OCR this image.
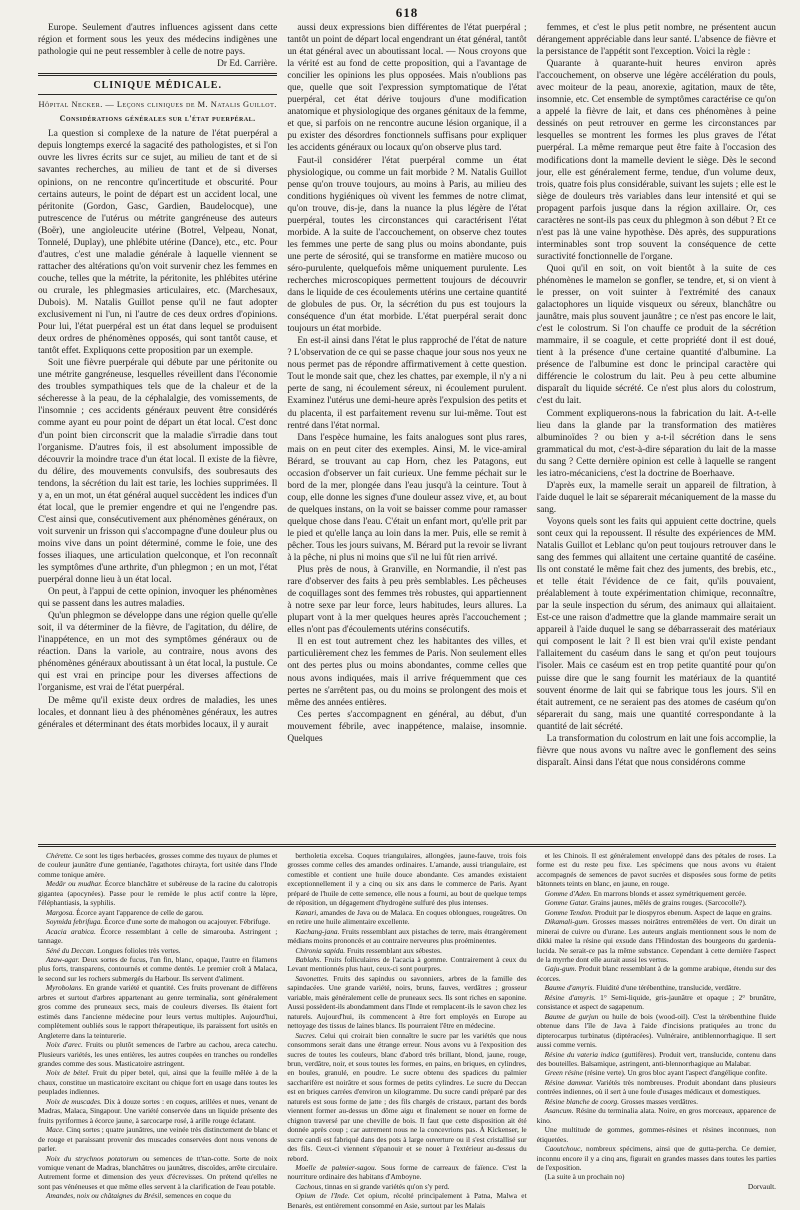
618

Europe. Seulement d'autres influences agissent dans cette région et forment sous les yeux des médecins indigènes une pathologie qui ne peut ressembler à celle de notre pays.

Dr Ed. Carrière.
CLINIQUE MÉDICALE.
Hôpital Necker. — Leçons cliniques de M. Natalis Guillot.
Considérations générales sur l'état puerpéral.

La question si complexe de la nature de l'état puerpéral a depuis longtemps exercé la sagacité des pathologistes, et si l'on ouvre les livres écrits sur ce sujet, au milieu de tant et de si savantes recherches, au milieu de tant et de si diverses opinions, on ne rencontre qu'incertitude et obscurité. Pour certains auteurs, le point de départ est un accident local, une péritonite (Gordon, Gasc, Gardien, Baudelocque), une putrescence de l'utérus ou métrite gangréneuse des auteurs (Boër), une angioleucite utérine (Botrel, Velpeau, Nonat, Tonnelé, Duplay), une phlébite utérine (Dance), etc., etc. Pour d'autres, c'est une maladie générale à laquelle viennent se rattacher des altérations qu'on voit survenir chez les femmes en couche, telles que la métrite, la péritonite, les phlébites utérine ou crurale, les phlegmasies articulaires, etc. (Marchesaux, Dubois). M. Natalis Guillot pense qu'il ne faut adopter exclusivement ni l'un, ni l'autre de ces deux ordres d'opinions. Pour lui, l'état puerpéral est un état dans lequel se produisent deux ordres de phénomènes opposés, qui sont tantôt cause, et tantôt effet. Expliquons cette proposition par un exemple.

Soit une fièvre puerpérale qui débute par une péritonite ou une métrite gangréneuse, lesquelles réveillent dans l'économie des troubles sympathiques tels que de la chaleur et de la sécheresse à la peau, de la céphalalgie, des vomissements, de l'insomnie ; ces accidents généraux peuvent être considérés comme ayant eu pour point de départ un état local. C'est donc d'un point bien circonscrit que la maladie s'irradie dans tout l'organisme. D'autres fois, il est absolument impossible de découvrir la moindre trace d'un état local. Il existe de la fièvre, du délire, des mouvements convulsifs, des soubresauts des tendons, la sécrétion du lait est tarie, les lochies supprimées. Il y a, en un mot, un état général auquel succèdent les indices d'un état local, que le premier engendre et qui ne l'engendre pas. C'est ainsi que, consécutivement aux phénomènes généraux, on voit survenir un frisson qui s'accompagne d'une douleur plus ou moins vive dans un point déterminé, comme le foie, une des fosses iliaques, une articulation quelconque, et l'on reconnaît les symptômes d'une arthrite, d'un phlegmon ; en un mot, l'état puerpéral donne lieu à un état local.

On peut, à l'appui de cette opinion, invoquer les phénomènes qui se passent dans les autres maladies.

Qu'un phlegmon se développe dans une région quelle qu'elle soit, il va déterminer de la fièvre, de l'agitation, du délire, de l'inappétence, en un mot des symptômes généraux ou de réaction. Dans la variole, au contraire, nous avons des phénomènes généraux aboutissant à un état local, la pustule. Ce qui est vrai en principe pour les diverses affections de l'organisme, est vrai de l'état puerpéral.

De même qu'il existe deux ordres de maladies, les unes locales, et donnant lieu à des phénomènes généraux, les autres générales et déterminant des états morbides locaux, il y aurait

aussi deux expressions bien différentes de l'état puerpéral ; tantôt un point de départ local engendrant un état général, tantôt un état général avec un aboutissant local. — Nous croyons que la vérité est au fond de cette proposition, qui a l'avantage de concilier les opinions les plus opposées. Mais n'oublions pas que, quelle que soit l'expression symptomatique de l'état puerpéral, cet état dérive toujours d'une modification anatomique et physiologique des organes génitaux de la femme, et que, si parfois on ne rencontre aucune lésion organique, il a pu exister des désordres fonctionnels suffisans pour expliquer les accidents généraux ou locaux qu'on observe plus tard.

Faut-il considérer l'état puerpéral comme un état physiologique, ou comme un fait morbide ? M. Natalis Guillot pense qu'on trouve toujours, au moins à Paris, au milieu des conditions hygiéniques où vivent les femmes de notre climat, qu'on trouve, dis-je, dans la nuance la plus légère de l'état puerpéral, toutes les circonstances qui caractérisent l'état morbide. A la suite de l'accouchement, on observe chez toutes les femmes une perte de sang plus ou moins abondante, puis une perte de sérosité, qui se transforme en matière mucoso ou séro-purulente, quelquefois même uniquement purulente. Les recherches microscopiques permettent toujours de découvrir dans le liquide de ces écoulements utérins une certaine quantité de globules de pus. Or, la sécrétion du pus est toujours la conséquence d'un état morbide. L'état puerpéral serait donc toujours un état morbide.

En est-il ainsi dans l'état le plus rapproché de l'état de nature ? L'observation de ce qui se passe chaque jour sous nos yeux ne nous permet pas de répondre affirmativement à cette question. Tout le monde sait que, chez les chattes, par exemple, il n'y a ni perte de sang, ni écoulement séreux, ni écoulement purulent. Examinez l'utérus une demi-heure après l'expulsion des petits et du placenta, il est parfaitement revenu sur lui-même. Tout est rentré dans l'état normal.

Dans l'espèce humaine, les faits analogues sont plus rares, mais on en peut citer des exemples. Ainsi, M. le vice-amiral Bérard, se trouvant au cap Horn, chez les Patagons, eut occasion d'observer un fait curieux. Une femme péchait sur le bord de la mer, plongée dans l'eau jusqu'à la ceinture. Tout à coup, elle donne les signes d'une douleur assez vive, et, au bout de quelques instans, on la voit se baisser comme pour ramasser quelque chose dans l'eau. C'était un enfant mort, qu'elle prit par le pied et qu'elle lança au loin dans la mer. Puis, elle se remit à pêcher. Tous les jours suivans, M. Bérard put la revoir se livrant à la pêche, ni plus ni moins que s'il ne lui fût rien arrivé.

Plus près de nous, à Granville, en Normandie, il n'est pas rare d'observer des faits à peu près semblables. Les pêcheuses de coquillages sont des femmes très robustes, qui appartiennent à notre sexe par leur force, leurs habitudes, leurs allures. La plupart vont à la mer quelques heures après l'accouchement ; elles n'ont pas d'écoulements utérins consécutifs.

Il en est tout autrement chez les habitantes des villes, et particulièrement chez les femmes de Paris. Non seulement elles ont des pertes plus ou moins abondantes, comme celles que nous avons indiquées, mais il arrive fréquemment que ces pertes ne s'arrêtent pas, ou du moins se prolongent des mois et même des années entières.

Ces pertes s'accompagnent en général, au début, d'un mouvement fébrile, avec inappétence, malaise, insomnie. Quelques

femmes, et c'est le plus petit nombre, ne présentent aucun dérangement appréciable dans leur santé. L'absence de fièvre et la persistance de l'appétit sont l'exception. Voici la règle :

Quarante à quarante-huit heures environ après l'accouchement, on observe une légère accélération du pouls, avec moiteur de la peau, anorexie, agitation, maux de tête, insomnie, etc. Cet ensemble de symptômes caractérise ce qu'on a appelé la fièvre de lait, et dans ces phénomènes à peine dessinés on peut retrouver en germe les circonstances par lesquelles se montrent les formes les plus graves de l'état puerpéral. La même remarque peut être faite à l'occasion des modifications dont la mamelle devient le siège. Dès le second jour, elle est généralement ferme, tendue, d'un volume deux, trois, quatre fois plus considérable, suivant les sujets ; elle est le siège de douleurs très variables dans leur intensité et qui se propagent parfois jusque dans la région axillaire. Or, ces caractères ne sont-ils pas ceux du phlegmon à son début ? Et ce n'est pas là une vaine hypothèse. Dès après, des suppurations interminables sont trop souvent la conséquence de cette suractivité fonctionnelle de l'organe.

Quoi qu'il en soit, on voit bientôt à la suite de ces phénomènes le mamelon se gonfler, se tendre, et, si on vient à le presser, on voit suinter à l'extrémité des canaux galactophores un liquide visqueux ou séreux, blanchâtre ou jaunâtre, mais plus souvent jaunâtre ; ce n'est pas encore le lait, c'est le colostrum. Si l'on chauffe ce produit de la sécrétion mammaire, il se coagule, et cette propriété dont il est doué, tient à la présence d'une certaine quantité d'albumine. La présence de l'albumine est donc le principal caractère qui différencie le colostrum du lait. Peu à peu cette albumine disparaît du liquide sécrété. Ce n'est plus alors du colostrum, c'est du lait.

Comment expliquerons-nous la fabrication du lait. A-t-elle lieu dans la glande par la transformation des matières albuminoïdes ? ou bien y a-t-il sécrétion dans le sens grammatical du mot, c'est-à-dire séparation du lait de la masse du sang ? Cette dernière opinion est celle à laquelle se rangent les iatro-mécaniciens, c'est la doctrine de Boerhaave.

D'après eux, la mamelle serait un appareil de filtration, à l'aide duquel le lait se séparerait mécaniquement de la masse du sang.

Voyons quels sont les faits qui appuient cette doctrine, quels sont ceux qui la repoussent. Il résulte des expériences de MM. Natalis Guillot et Leblanc qu'on peut toujours retrouver dans le sang des femmes qui allaitent une certaine quantité de caséine. Ils ont constaté le même fait chez des juments, des brebis, etc., et telle était l'évidence de ce fait, qu'ils pouvaient, préalablement à toute expérimentation chimique, reconnaître, par la seule inspection du sérum, des animaux qui allaitaient. Est-ce une raison d'admettre que la glande mammaire serait un appareil à l'aide duquel le sang se débarrasserait des matériaux qui composent le lait ? Il est bien vrai qu'il existe pendant l'allaitement du caséum dans le sang et qu'on peut toujours l'isoler. Mais ce caséum est en trop petite quantité pour qu'on puisse dire que le sang fournit les matériaux de la quantité souvent énorme de lait qui se fabrique tous les jours. S'il en était autrement, ce ne seraient pas des atomes de caséum qu'on séparerait du sang, mais une quantité correspondante à la quantité de lait sécrété.

La transformation du colostrum en lait une fois accomplie, la fièvre que nous avons vu naître avec le gonflement des seins disparaît. Ainsi dans l'état que nous considérons comme

Chérette. Ce sont les tiges herbacées, grosses comme des tuyaux de plumes et de couleur jaunâtre d'une gentianée, l'agathotes chirayta, fort usitée dans l'Inde comme tonique amère.

Medâr ou mudhar. Écorce blanchâtre et subéreuse de la racine du calotropis gigantea (apocynées). Passe pour le remède le plus actif contre la lèpre, l'éléphantiasis, la syphilis.

Margosa. Écorce ayant l'apparence de celle de garou.

Soymida febrifuga. Écorce d'une sorte de mahogon ou acajouyer. Fébrifuge.

Acacia arabica. Écorce ressemblant à celle de simarouba. Astringent ; tannage.

Séné du Deccan. Longues folioles très vertes.

Azaw-agar. Deux sortes de fucus, l'un fin, blanc, opaque, l'autre en filamens plus forts, transparens, contournés et comme dentés. Le premier croît à Malaca, le second sur les rochers submergés du Harbour. Ils servent d'aliment.

Myrobolans. En grande variété et quantité. Ces fruits provenant de différens arbres et surtout d'arbres appartenant au genre terminalia, sont généralement gros comme des pruneaux secs, mais de couleurs diverses. Ils étaient fort estimés dans l'ancienne médecine pour leurs vertus multiples. Aujourd'hui, complètement oubliés sous le rapport thérapeutique, ils paraissent fort usités en Angleterre dans la teinturerie.

Noix d'arec. Fruits ou plutôt semences de l'arbre au cachou, areca catechu. Plusieurs variétés, les unes entières, les autres coupées en tranches ou rondelles grandes comme des sous. Masticatoire astringent.

Noix de bétel. Fruit du piper betel, qui, ainsi que la feuille mêlée à de la chaux, constitue un masticatoire excitant ou chique fort en usage dans toutes les peuplades indiennes.

Noix de muscades. Dix à douze sortes : en coques, arillées et nues, venant de Madras, Malaca, Singapour. Une variété conservée dans un liquide présente des fruits pyriformes à écorce jaune, à sarcocarpe rosé, à arille rouge éclatant.

Mace. Cinq sortes ; quatre jaunâtres, une veinée très distinctement de blanc et de rouge et paraissant provenir des muscades conservées dont nous venons de parler.

Noix du strychnos potatorum ou semences de tt'tan-cotte. Sorte de noix vomique venant de Madras, blanchâtres ou jaunâtres, discoïdes, arrête circulaire. Autrement forme et dimension des yeux d'écrevisses. On prétend qu'elles ne sont pas vénéneuses et que même elles servent à la clarification de l'eau potable.

Amandes, noix ou châtaignes du Brésil, semences en coque du

bertholetia excelsa. Coques triangulaires, allongées, jaune-fauve, trois fois grosses comme celles des amandes ordinaires. L'amande, aussi triangulaire, est comestible et contient une huile douce abondante. Ces amandes existaient exceptionnellement il y a cinq ou six ans dans le commerce de Paris. Ayant préparé de l'huile de cette semence, elle nous a fourni, au bout de quelque temps de réposition, un dégagement d'hydrogène sulfuré des plus intenses.

Kanari, amandes de Java ou de Malaca. En coques oblongues, rougeâtres. On en retire une huile alimentaire excellente.

Kachang-jana. Fruits ressemblant aux pistaches de terre, mais étrangèrement médians moins prononcés et au contraire nerveures plus proéminentes.

Chironia sapida. Fruits ressemblant aux sébestes.

Bablahs. Fruits folliculaires de l'acacia à gomme. Contrairement à ceux du Levant mentionnés plus haut, ceux-ci sont pourpres.

Savonettes. Fruits des sapindus ou savonniers, arbres de la famille des sapindacées. Une grande variété, noirs, bruns, fauves, verdâtres ; grosseur variable, mais généralement celle de pruneaux secs. Ils sont riches en saponine. Aussi possèdent-ils abondamment dans l'Inde et remplacent-ils le savon chez les naturels. Aujourd'hui, ils commencent à être fort employés en Europe au nettoyage des tissus de laines blancs. Ils pourraient l'être en médecine.

Sucres. Celui qui croirait bien connaître le sucre par les variétés que nous consommons serait dans une étrange erreur. Nous avons vu à l'exposition des sucres de toutes les couleurs, blanc d'abord très brillant, blond, jaune, rouge, brun, verdâtre, noir, et sous toutes les formes, en pains, en briques, en cylindres, en boules, granulé, en poudre. Le sucre obtenu des spadices du palmier saccharifère est noirâtre et sous formes de petits cylindres. Le sucre du Deccan est en briques carrées d'environ un kilogramme. Du sucre candi préparé par des naturels est sous forme de jatte ; des fils chargés de cristaux, partant des bords viennent former au-dessus un dôme aigu et finalement se nouer en forme de chignon traversé par une cheville de bois. Il faut que cette disposition ait été donnée après coup ; car autrement nous ne la concevrions pas. À Kickenser, le sucre candi est fabriqué dans des pots à large ouverture ou il s'est cristallisé sur des fils. Ceux-ci viennent s'épanouir et se nouer à l'extérieur au-dessus du rebord.

Moelle de palmier-sagou. Sous forme de carreaux de faïence. C'est la nourriture ordinaire des habitans d'Amboyne.

Cachous, tinnas en si grande variétés qu'on s'y perd.

Opium de l'Inde. Cet opium, récolté principalement à Patna, Malwa et Benarès, est entièrement consommé en Asie, surtout par les Malais

et les Chinois. Il est généralement enveloppé dans des pétales de roses. La forme est du reste peu fixe. Les spécimens que nous avons vu étaient accompagnés de semences de pavot sucrées et disposées sous forme de petits bâtonnets teints en blanc, en jaune, en rouge.

Gomme d'Aden. En marrons blonds et assez symétriquement gercée.

Gomme Gatar. Grains jaunes, mêlés de grains rouges. (Sarcocolle?).

Gomme Tendon. Produit par le diospyros ebenum. Aspect de laque en grains.

Dikamali-gum. Grosses masses noirâtres entremêlées de vert. On dirait un minerai de cuivre ou d'urane. Les auteurs anglais mentionnent sous le nom de dikki malee la résine qui exsude dans l'Hindostan des bourgeons du gardenia-lucida. Ne serait-ce pas la même substance. Cependant à cette dernière l'aspect de la myrrhe dont elle aurait aussi les vertus.

Gaju-gum. Produit blanc ressemblant à de la gomme arabique, étendu sur des écorces.

Baume d'amyris. Fluidité d'une térébenthine, translucide, verdâtre.

Résine d'amyris. 1° Semi-liquide, gris-jaunâtre et opaque ; 2° brunâtre, consistance et aspect de sagapenum.

Baume de gurjun ou huile de bois (wood-oil). C'est la térébenthine fluide obtenue dans l'île de Java à l'aide d'incisions pratiquées au tronc du dipterocarpus turbinatus (diptéracées). Vulnéraire, antiblennorrhagique. Il sert aussi comme vernis.

Résine du vateria indica (guttifères). Produit vert, translucide, contenu dans des bouteilles. Balsamique, astringent, anti-blennorrhagique au Malabar.

Green résine (résine verte). Un gros bloc ayant l'aspect d'angélique confite.

Résine dammar. Variétés très nombreuses. Produit abondant dans plusieurs contrées indiennes, où il sert à une foule d'usages médicaux et domestiques.

Résine blanche de coorg. Grosses masses verdâtres.

Asancum. Résine du terminalia alata. Noire, en gros morceaux, apparence de kino.

Une multitude de gommes, gommes-résines et résines inconnues, non étiquetées.

Caoutchouc, nombreux spécimens, ainsi que de gutta-percha. Ce dernier, inconnu encore il y a cinq ans, figurait en grandes masses dans toutes les parties de l'exposition.

(La suite à un prochain no)

Dorvault.
